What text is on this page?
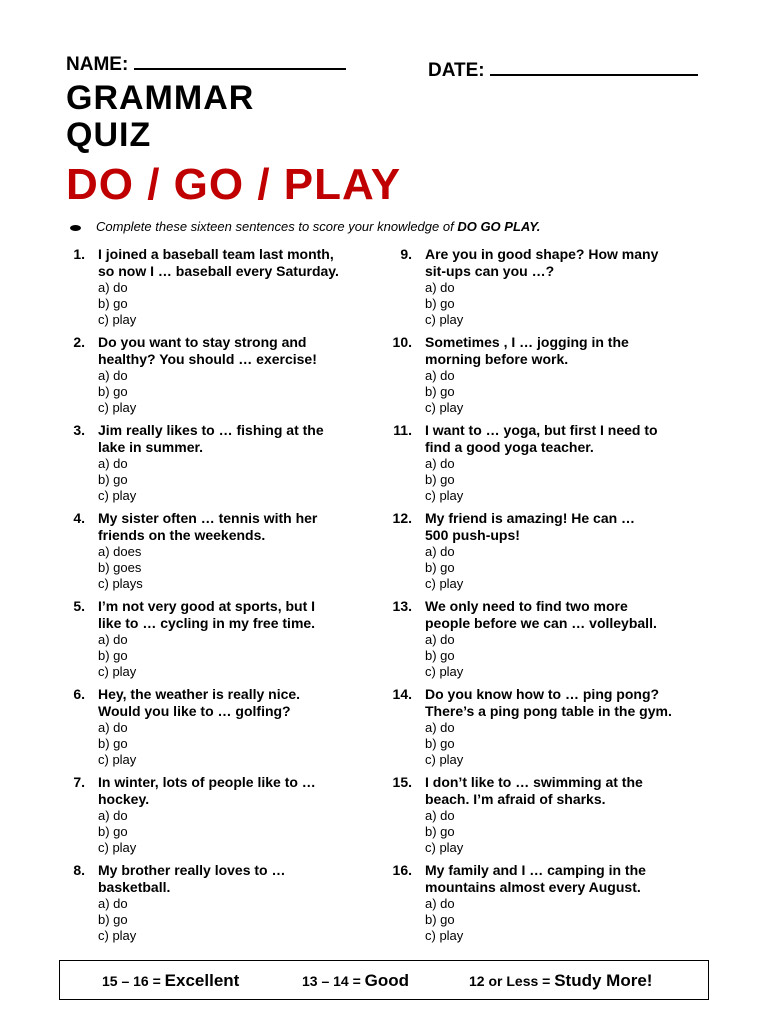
NAME:	DATE:
GRAMMAR
QUIZ
DO / GO / PLAY
Complete these sixteen sentences to score your knowledge of DO GO PLAY.
1. I joined a baseball team last month,
so now I … baseball every Saturday.
a) do
b) go
c) play
2. Do you want to stay strong and
healthy? You should … exercise!
a) do
b) go
c) play
3. Jim really likes to … fishing at the
lake in summer.
a) do
b) go
c) play
4. My sister often … tennis with her
friends on the weekends.
a) does
b) goes
c) plays
5. I’m not very good at sports, but I
like to … cycling in my free time.
a) do
b) go
c) play
6. Hey, the weather is really nice.
Would you like to … golfing?
a) do
b) go
c) play
7. In winter, lots of people like to …
hockey.
a) do
b) go
c) play
8. My brother really loves to …
basketball.
a) do
b) go
c) play
9. Are you in good shape? How many
sit-ups can you …?
a) do
b) go
c) play
10. Sometimes , I … jogging in the
morning before work.
a) do
b) go
c) play
11. I want to … yoga, but first I need to
find a good yoga teacher.
a) do
b) go
c) play
12. My friend is amazing! He can …
500 push-ups!
a) do
b) go
c) play
13. We only need to find two more
people before we can … volleyball.
a) do
b) go
c) play
14. Do you know how to … ping pong?
There’s a ping pong table in the gym.
a) do
b) go
c) play
15. I don’t like to … swimming at the
beach. I’m afraid of sharks.
a) do
b) go
c) play
16. My family and I … camping in the
mountains almost every August.
a) do
b) go
c) play
15 – 16 = Excellent	13 – 14 = Good	12 or Less = Study More!
